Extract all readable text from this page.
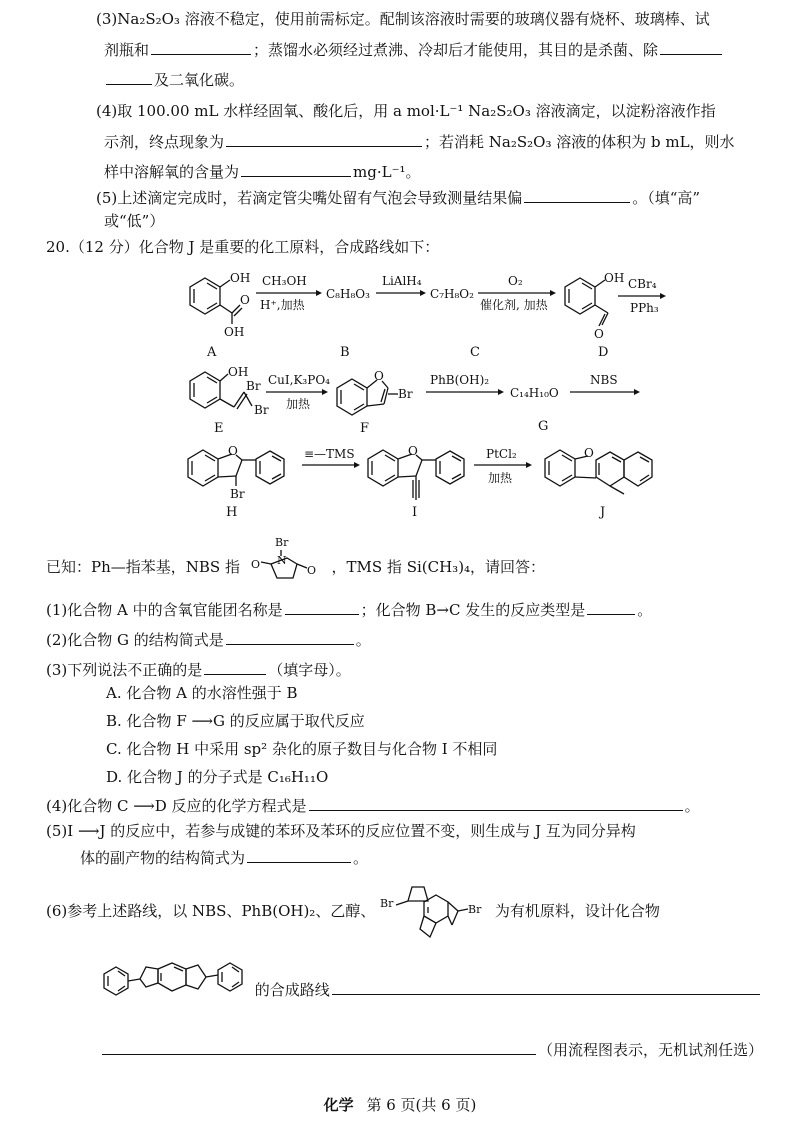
(3)Na₂S₂O₃ 溶液不稳定，使用前需标定。配制该溶液时需要的玻璃仪器有烧杯、玻璃棒、试
剂瓶和	；蒸馏水必须经过煮沸、冷却后才能使用，其目的是杀菌、除
及二氧化碳。
(4)取 100.00 mL 水样经固氧、酸化后，用 a mol·L⁻¹ Na₂S₂O₃ 溶液滴定，以淀粉溶液作指
示剂，终点现象为	；若消耗 Na₂S₂O₃ 溶液的体积为 b mL，则水
样中溶解氧的含量为	mg·L⁻¹。
(5)上述滴定完成时，若滴定管尖嘴处留有气泡会导致测量结果偏	。（填“高”
或“低”）
20.（12 分）化合物 J 是重要的化工原料，合成路线如下：
OH
O
OH
A
CH₃OH
H⁺,加热
C₈H₈O₃
B
LiAlH₄
C₇H₈O₂
C
O₂
催化剂, 加热
OH
O
D
CBr₄
PPh₃
OH
Br
Br
E
CuI,K₃PO₄
加热
O
Br
F
PhB(OH)₂
C₁₄H₁₀O
G
NBS
O
Br
H
≡—TMS	O
I
PtCl₂
加热
O
J
已知：Ph—指苯基，NBS 指
Br
N
O	O ，TMS 指 Si(CH₃)₄，请回答：
(1)化合物 A 中的含氧官能团名称是	；化合物 B→C 发生的反应类型是	。
(2)化合物 G 的结构简式是	。
(3)下列说法不正确的是	（填字母）。
A. 化合物 A 的水溶性强于 B
B. 化合物 F ⟶G 的反应属于取代反应
C. 化合物 H 中采用 sp² 杂化的原子数目与化合物 I 不相同
D. 化合物 J 的分子式是 C₁₆H₁₁O
(4)化合物 C ⟶D 反应的化学方程式是	。
(5)I ⟶J 的反应中，若参与成键的苯环及苯环的反应位置不变，则生成与 J 互为同分异构
体的副产物的结构简式为	。
(6)参考上述路线，以 NBS、PhB(OH)₂、乙醇、 Br	Br 为有机原料，设计化合物
的合成路线
（用流程图表示，无机试剂任选）
化学 第 6 页(共 6 页)
